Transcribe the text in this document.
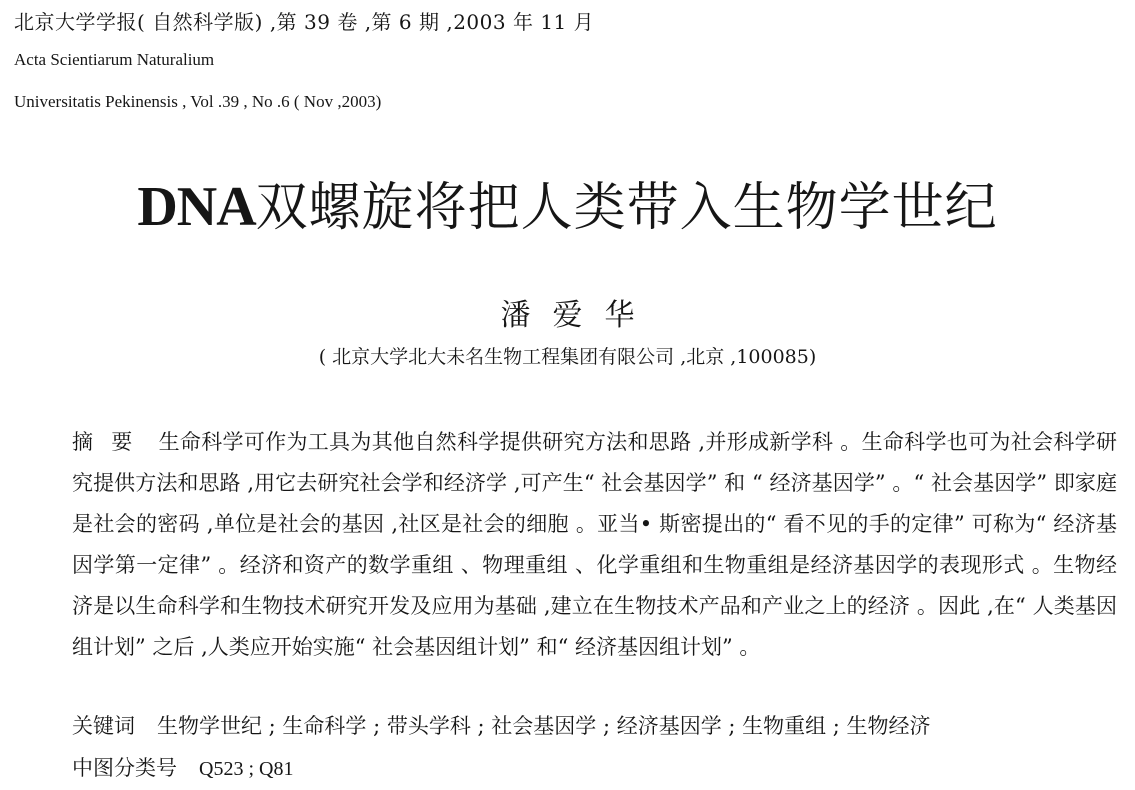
北京大学学报( 自然科学版) ,第 39 卷 ,第 6 期 ,2003 年 11 月
Acta Scientiarum Naturalium
Universitatis Pekinensis , Vol .39 , No .6 ( Nov ,2003)
DNA双螺旋将把人类带入生物学世纪
潘爱华
( 北京大学北大未名生物工程集团有限公司 ,北京 ,100085)

摘要 生命科学可作为工具为其他自然科学提供研究方法和思路 ,并形成新学科 。生命科学也可为社会科学研究提供方法和思路 ,用它去研究社会学和经济学 ,可产生“ 社会基因学” 和 “ 经济基因学” 。“ 社会基因学” 即家庭是社会的密码 ,单位是社会的基因 ,社区是社会的细胞 。亚当• 斯密提出的“ 看不见的手的定律” 可称为“ 经济基因学第一定律” 。经济和资产的数学重组 、物理重组 、化学重组和生物重组是经济基因学的表现形式 。生物经济是以生命科学和生物技术研究开发及应用为基础 ,建立在生物技术产品和产业之上的经济 。因此 ,在“ 人类基因组计划” 之后 ,人类应开始实施“ 社会基因组计划” 和“ 经济基因组计划” 。

关键词 生物学世纪 ; 生命科学 ; 带头学科 ; 社会基因学 ; 经济基因学 ; 生物重组 ; 生物经济
中图分类号 Q523 ; Q81
